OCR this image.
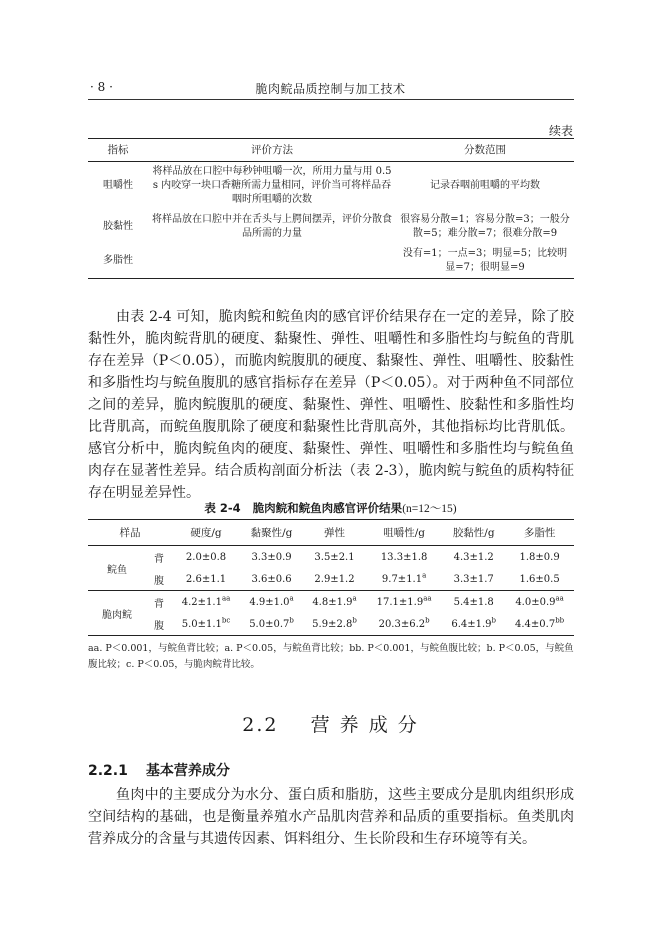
· 8 ·	脆肉鲩品质控制与加工技术
续表
指标	评价方法	分数范围
咀嚼性	将样品放在口腔中每秒钟咀嚼一次，所用力量与用 0.5 s 内咬穿一块口香糖所需力量相同，评价当可将样品吞咽时所咀嚼的次数	记录吞咽前咀嚼的平均数
胶黏性	将样品放在口腔中并在舌头与上腭间摆弄，评价分散食品所需的力量	很容易分散=1；容易分散=3；一般分散=5；难分散=7；很难分散=9
多脂性		没有=1；一点=3；明显=5；比较明显=7；很明显=9

由表 2-4 可知，脆肉鲩和鲩鱼肉的感官评价结果存在一定的差异，除了胶黏性外，脆肉鲩背肌的硬度、黏聚性、弹性、咀嚼性和多脂性均与鲩鱼的背肌存在差异（P＜0.05），而脆肉鲩腹肌的硬度、黏聚性、弹性、咀嚼性、胶黏性和多脂性均与鲩鱼腹肌的感官指标存在差异（P＜0.05）。对于两种鱼不同部位之间的差异，脆肉鲩腹肌的硬度、黏聚性、弹性、咀嚼性、胶黏性和多脂性均比背肌高，而鲩鱼腹肌除了硬度和黏聚性比背肌高外，其他指标均比背肌低。感官分析中，脆肉鲩鱼肉的硬度、黏聚性、弹性、咀嚼性和多脂性均与鲩鱼鱼肉存在显著性差异。结合质构剖面分析法（表 2-3），脆肉鲩与鲩鱼的质构特征存在明显差异性。

表 2-4 脆肉鲩和鲩鱼肉感官评价结果(n=12～15)
样品		硬度/g	黏聚性/g	弹性	咀嚼性/g	胶黏性/g	多脂性
鲩鱼	背	2.0±0.8	3.3±0.9	3.5±2.1	13.3±1.8	4.3±1.2	1.8±0.9
	腹	2.6±1.1	3.6±0.6	2.9±1.2	9.7±1.1$^a$	3.3±1.7	1.6±0.5
脆肉鲩	背	4.2±1.1$^{aa}$	4.9±1.0$^a$	4.8±1.9$^a$	17.1±1.9$^{aa}$	5.4±1.8	4.0±0.9$^{aa}$
	腹	5.0±1.1$^{bc}$	5.0±0.7$^b$	5.9±2.8$^b$	20.3±6.2$^b$	6.4±1.9$^b$	4.4±0.7$^{bb}$
aa. P＜0.001，与鲩鱼背比较；a. P＜0.05，与鲩鱼背比较；bb. P＜0.001，与鲩鱼腹比较；b. P＜0.05，与鲩鱼腹比较；c. P＜0.05，与脆肉鲩背比较。
2.2 营 养 成 分
2.2.1 基本营养成分

鱼肉中的主要成分为水分、蛋白质和脂肪，这些主要成分是肌肉组织形成空间结构的基础，也是衡量养殖水产品肌肉营养和品质的重要指标。鱼类肌肉营养成分的含量与其遗传因素、饵料组分、生长阶段和生存环境等有关。
